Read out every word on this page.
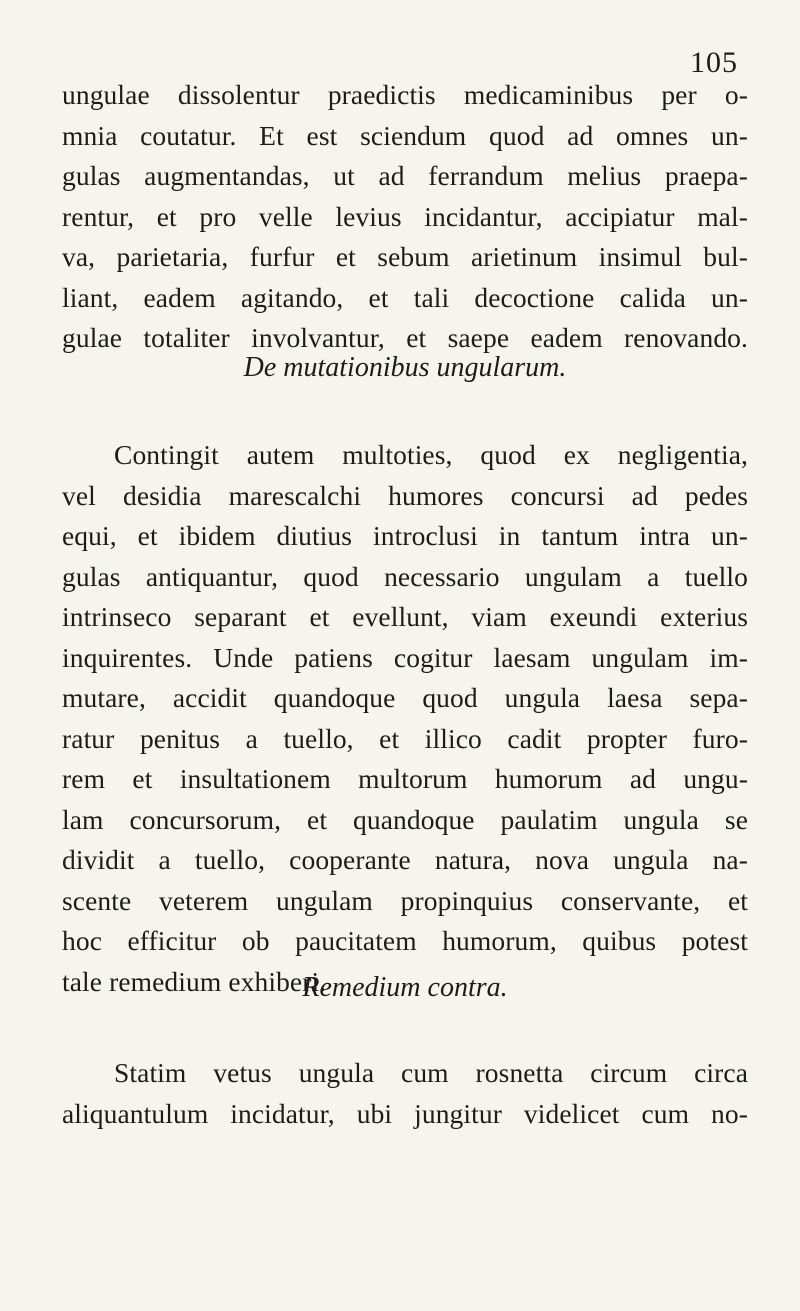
105
ungulae dissolentur praedictis medicaminibus per o-
mnia coutatur. Et est sciendum quod ad omnes un-
gulas augmentandas, ut ad ferrandum melius praepa-
rentur, et pro velle levius incidantur, accipiatur mal-
va, parietaria, furfur et sebum arietinum insimul bul-
liant, eadem agitando, et tali decoctione calida un-
gulae totaliter involvantur, et saepe eadem renovando.
De mutationibus ungularum.
Contingit autem multoties, quod ex negligentia,
vel desidia marescalchi humores concursi ad pedes
equi, et ibidem diutius introclusi in tantum intra un-
gulas antiquantur, quod necessario ungulam a tuello
intrinseco separant et evellunt, viam exeundi exterius
inquirentes. Unde patiens cogitur laesam ungulam im-
mutare, accidit quandoque quod ungula laesa sepa-
ratur penitus a tuello, et illico cadit propter furo-
rem et insultationem multorum humorum ad ungu-
lam concursorum, et quandoque paulatim ungula se
dividit a tuello, cooperante natura, nova ungula na-
scente veterem ungulam propinquius conservante, et
hoc efficitur ob paucitatem humorum, quibus potest
tale remedium exhiberi.
Remedium contra.
Statim vetus ungula cum rosnetta circum circa
aliquantulum incidatur, ubi jungitur videlicet cum no-
